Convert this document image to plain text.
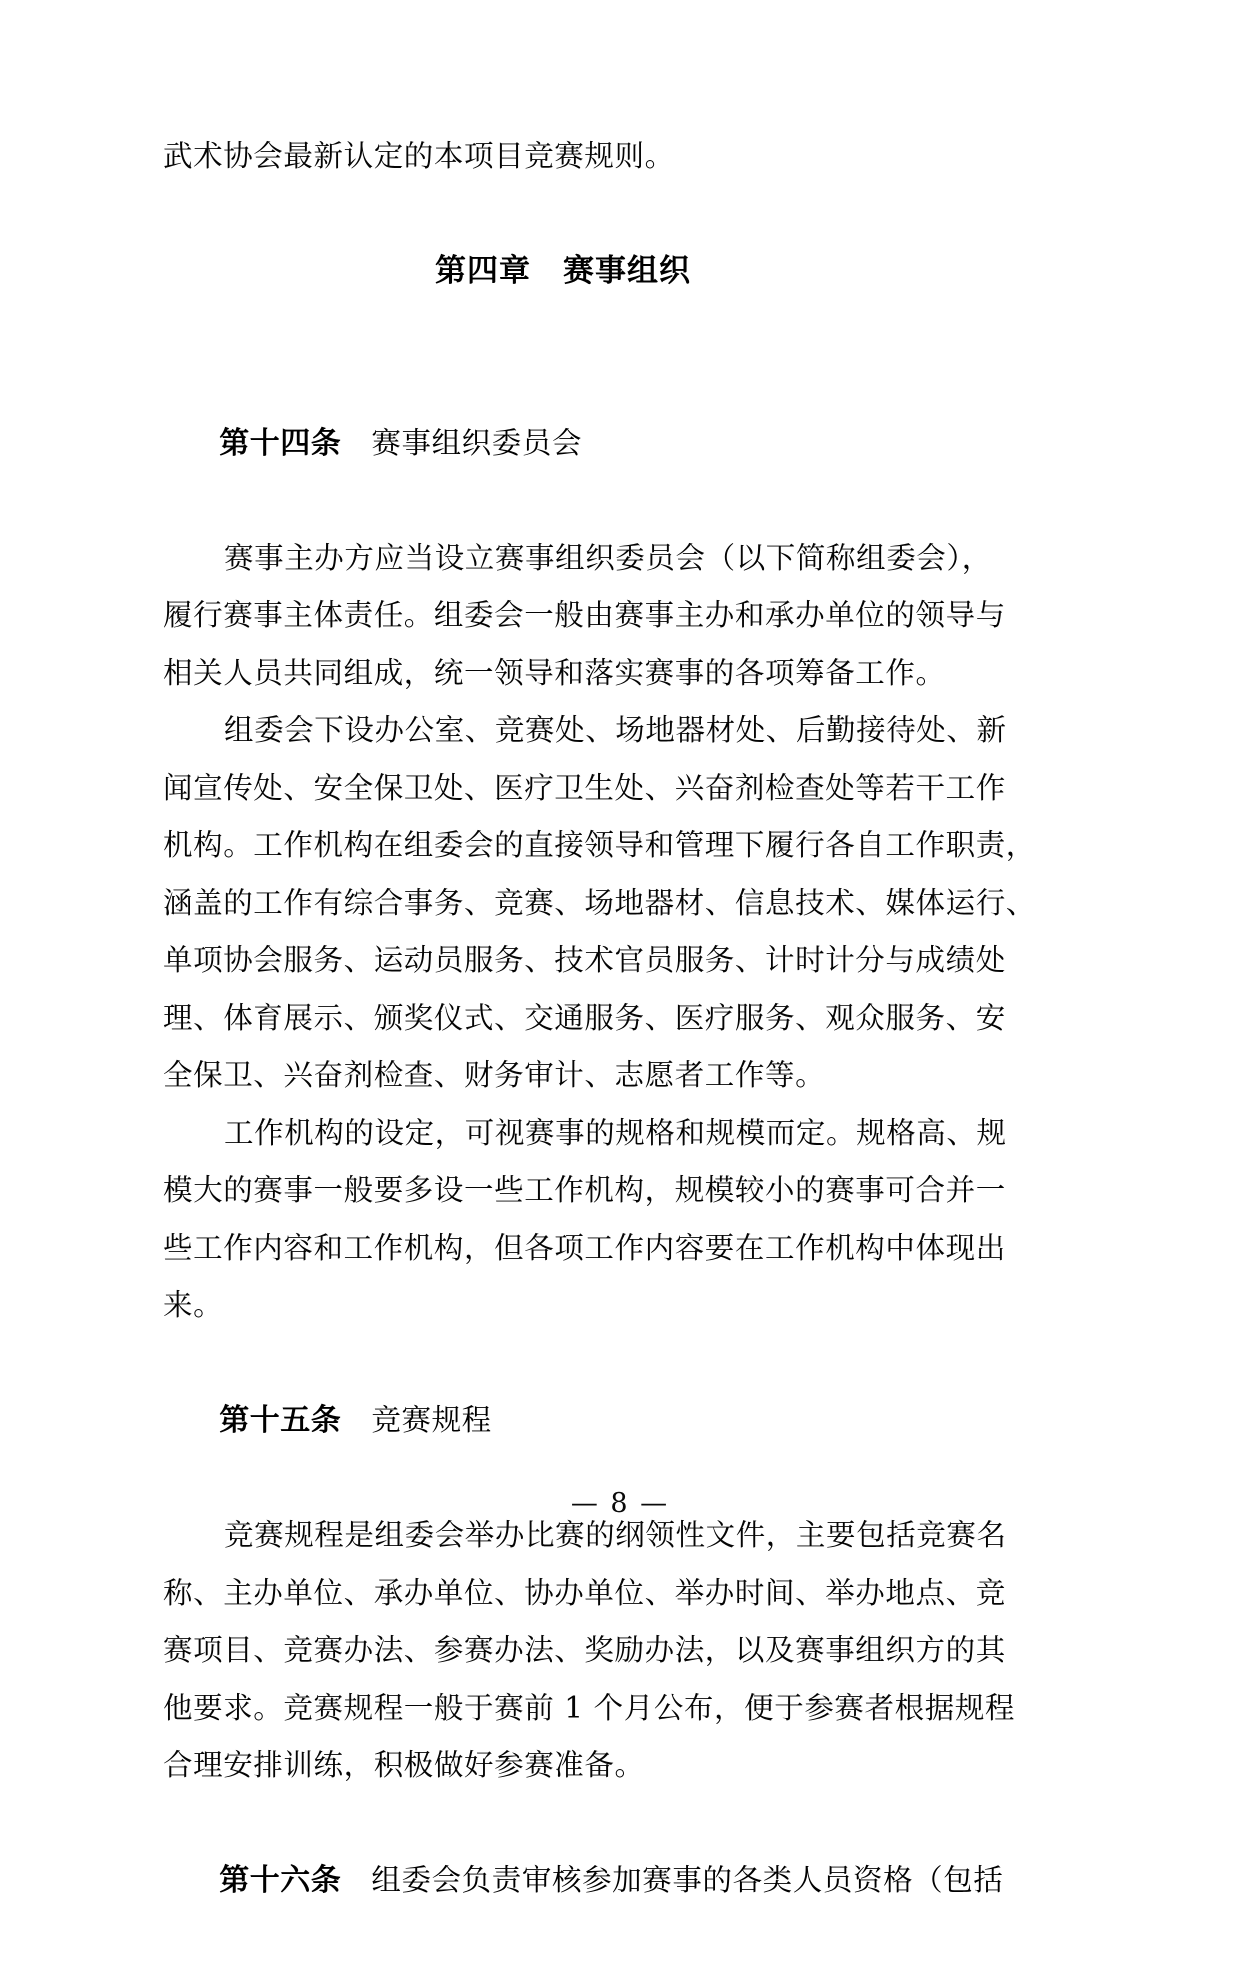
武术协会最新认定的本项目竞赛规则。
第四章　赛事组织

第十四条　 赛事组织委员会

赛事主办方应当设立赛事组织委员会（以下简称组委会），
履行赛事主体责任。组委会一般由赛事主办和承办单位的领导与
相关人员共同组成，统一领导和落实赛事的各项筹备工作。
组委会下设办公室、竞赛处、场地器材处、后勤接待处、新
闻宣传处、安全保卫处、医疗卫生处、兴奋剂检查处等若干工作
机构。工作机构在组委会的直接领导和管理下履行各自工作职责，
涵盖的工作有综合事务、竞赛、场地器材、信息技术、媒体运行、
单项协会服务、运动员服务、技术官员服务、计时计分与成绩处
理、体育展示、颁奖仪式、交通服务、医疗服务、观众服务、安
全保卫、兴奋剂检查、财务审计、志愿者工作等。
工作机构的设定，可视赛事的规格和规模而定。规格高、规
模大的赛事一般要多设一些工作机构，规模较小的赛事可合并一
些工作内容和工作机构，但各项工作内容要在工作机构中体现出
来。

第十五条　 竞赛规程

竞赛规程是组委会举办比赛的纲领性文件，主要包括竞赛名
称、主办单位、承办单位、协办单位、举办时间、举办地点、竞
赛项目、竞赛办法、参赛办法、奖励办法，以及赛事组织方的其
他要求。竞赛规程一般于赛前 1 个月公布，便于参赛者根据规程
合理安排训练，积极做好参赛准备。

第十六条　 组委会负责审核参加赛事的各类人员资格（包括

— 8 —
